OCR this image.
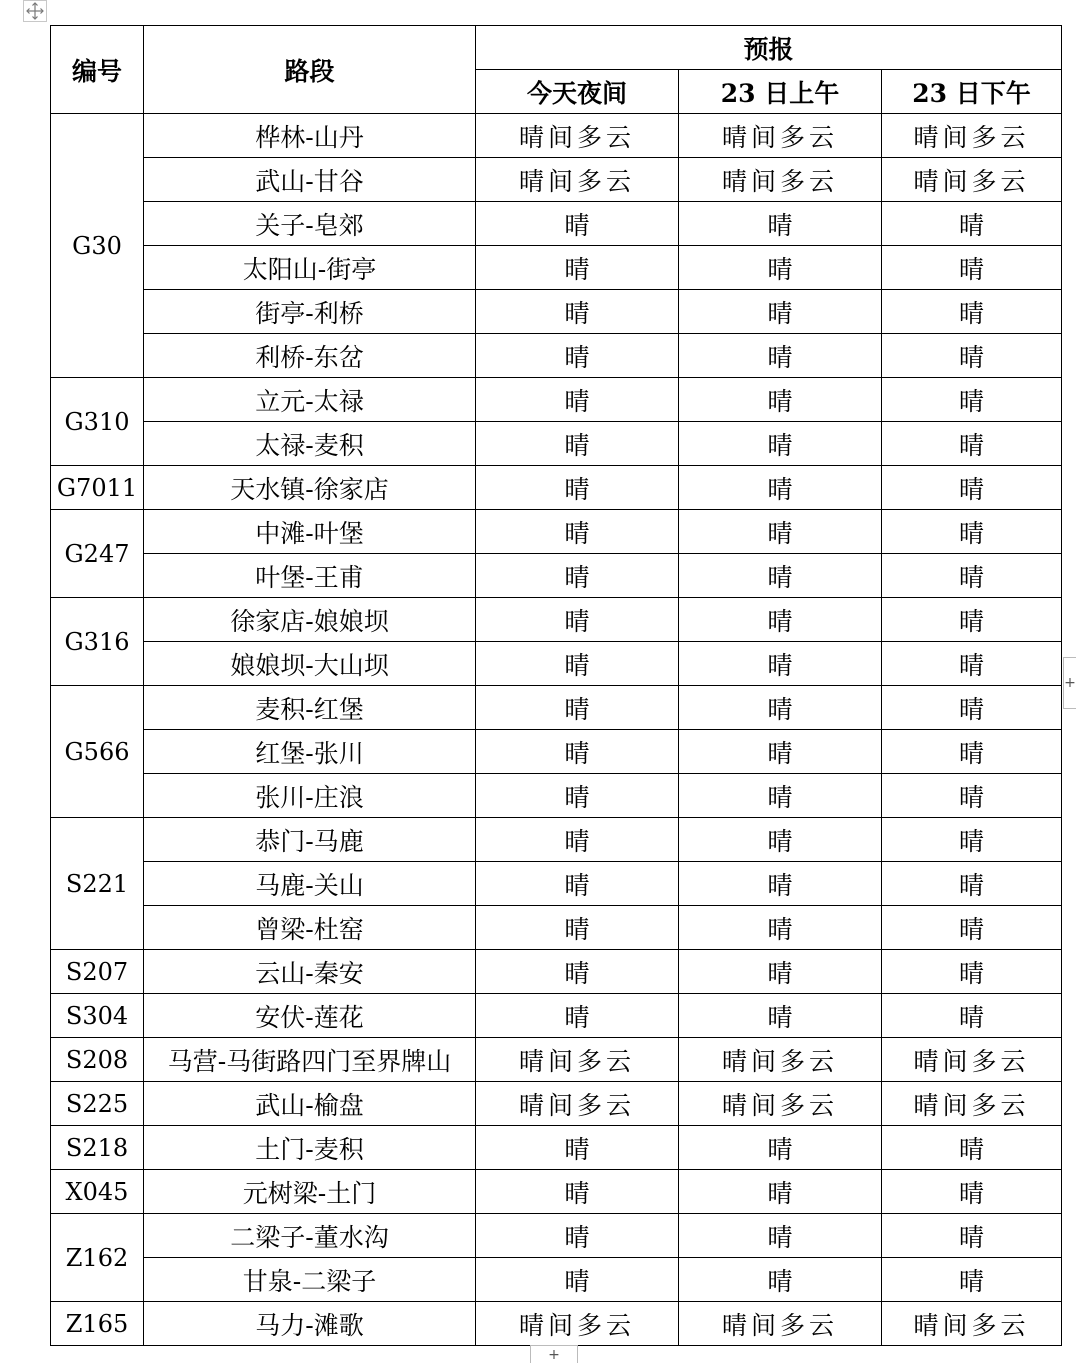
编号	路段	预报		
		今天夜间	23 日上午	23 日下午
G30	桦林-山丹	晴间多云	晴间多云	晴间多云
	武山-甘谷	晴间多云	晴间多云	晴间多云
	关子-皂郊	晴	晴	晴
	太阳山-街亭	晴	晴	晴
	街亭-利桥	晴	晴	晴
	利桥-东岔	晴	晴	晴
G310	立元-太禄	晴	晴	晴
	太禄-麦积	晴	晴	晴
G7011	天水镇-徐家店	晴	晴	晴
G247	中滩-叶堡	晴	晴	晴
	叶堡-王甫	晴	晴	晴
G316	徐家店-娘娘坝	晴	晴	晴
	娘娘坝-大山坝	晴	晴	晴
G566	麦积-红堡	晴	晴	晴
	红堡-张川	晴	晴	晴
	张川-庄浪	晴	晴	晴
S221	恭门-马鹿	晴	晴	晴
	马鹿-关山	晴	晴	晴
	曾梁-杜窑	晴	晴	晴
S207	云山-秦安	晴	晴	晴
S304	安伏-莲花	晴	晴	晴
S208	马营-马街路四门至界牌山	晴间多云	晴间多云	晴间多云
S225	武山-榆盘	晴间多云	晴间多云	晴间多云
S218	土门-麦积	晴	晴	晴
X045	元树梁-土门	晴	晴	晴
Z162	二梁子-董水沟	晴	晴	晴
	甘泉-二梁子	晴	晴	晴
Z165	马力-滩歌	晴间多云	晴间多云	晴间多云
+
+
